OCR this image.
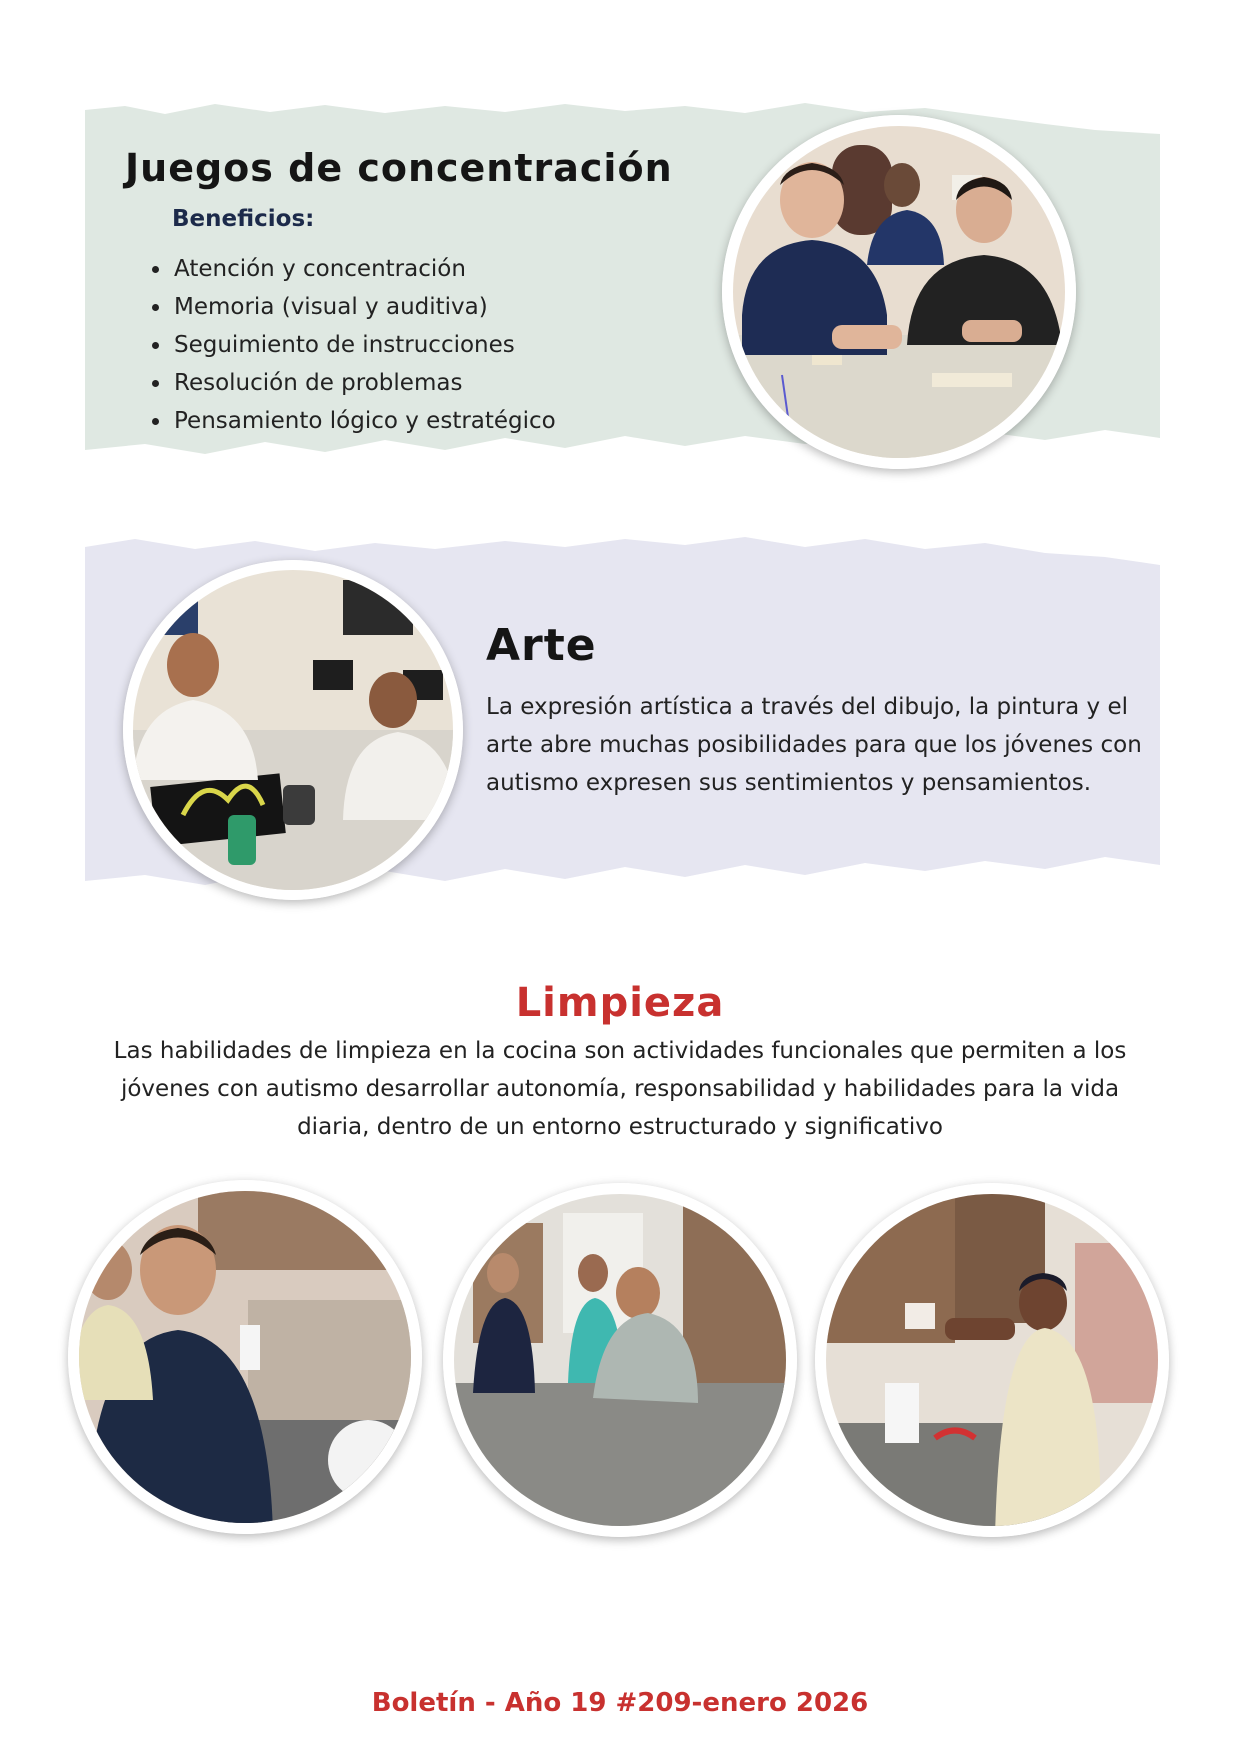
Juegos de concentración
Beneficios:
• Atención y concentración
• Memoria (visual y auditiva)
• Seguimiento de instrucciones
• Resolución de problemas
• Pensamiento lógico y estratégico
Arte

La expresión artística a través del dibujo, la pintura y el arte abre muchas posibilidades para que los jóvenes con autismo expresen sus sentimientos y pensamientos.

Limpieza

Las habilidades de limpieza en la cocina son actividades funcionales que permiten a los jóvenes con autismo desarrollar autonomía, responsabilidad y habilidades para la vida diaria, dentro de un entorno estructurado y significativo

Boletín - Año 19 #209-enero 2026
